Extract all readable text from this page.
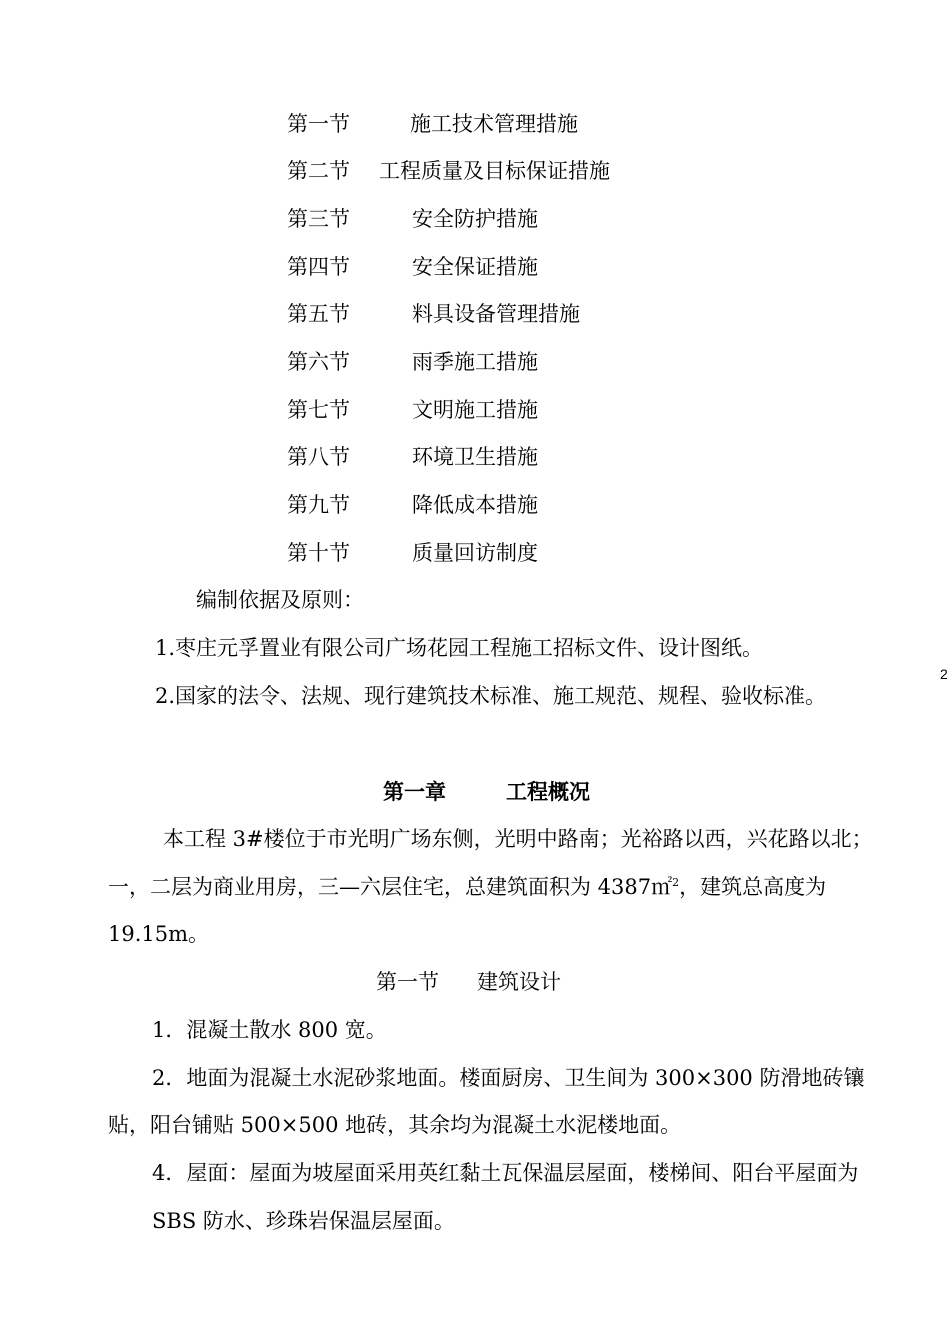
第一节	施工技术管理措施
第二节 工程质量及目标保证措施
第三节	安全防护措施
第四节	安全保证措施
第五节	料具设备管理措施
第六节	雨季施工措施
第七节	文明施工措施
第八节	环境卫生措施
第九节	降低成本措施
第十节	质量回访制度
编制依据及原则：
1.枣庄元孚置业有限公司广场花园工程施工招标文件、设计图纸。
2.国家的法令、法规、现行建筑技术标准、施工规范、规程、验收标准。
2
第一章	工程概况
本工程 3#楼位于市光明广场东侧，光明中路南；光裕路以西，兴花路以北；
一，二层为商业用房，三—六层住宅，总建筑面积为 4387㎡$^2$，建筑总高度为
19.15m。
第一节 建筑设计
1．混凝土散水 800 宽。
2．地面为混凝土水泥砂浆地面。楼面厨房、卫生间为 300×300 防滑地砖镶
贴，阳台铺贴 500×500 地砖，其余均为混凝土水泥楼地面。
4．屋面：屋面为坡屋面采用英红黏土瓦保温层屋面，楼梯间、阳台平屋面为
SBS 防水、珍珠岩保温层屋面。
